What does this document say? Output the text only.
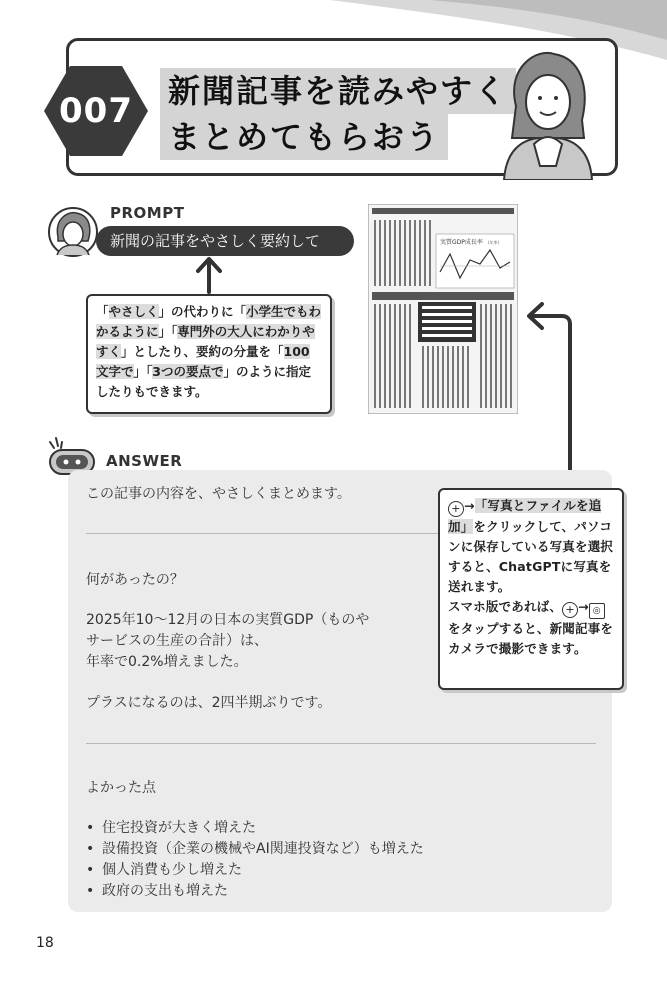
007	新聞記事を読みやすく
まとめてもらおう
PROMPT
新聞の記事をやさしく要約して
「やさしく」の代わりに「小学生でもわかるように」「専門外の大人にわかりやすく」としたり、要約の分量を「100文字で」「3つの要点で」のように指定したりもできます。
実質GDP成長率 (年率)
ANSWER
この記事の内容を、やさしくまとめます。
何があったの？
2025年10～12月の日本の実質GDP（ものや
サービスの生産の合計）は、
年率で0.2%増えました。
プラスになるのは、2四半期ぶりです。
よかった点
• 住宅投資が大きく増えた
• 設備投資（企業の機械やAI関連投資など）も増えた
• 個人消費も少し増えた
• 政府の支出も増えた
+ →「写真とファイルを追加」をクリックして、パソコンに保存している写真を選択すると、ChatGPTに写真を送れます。
スマホ版であれば、 + → ◎をタップすると、新聞記事をカメラで撮影できます。
18
